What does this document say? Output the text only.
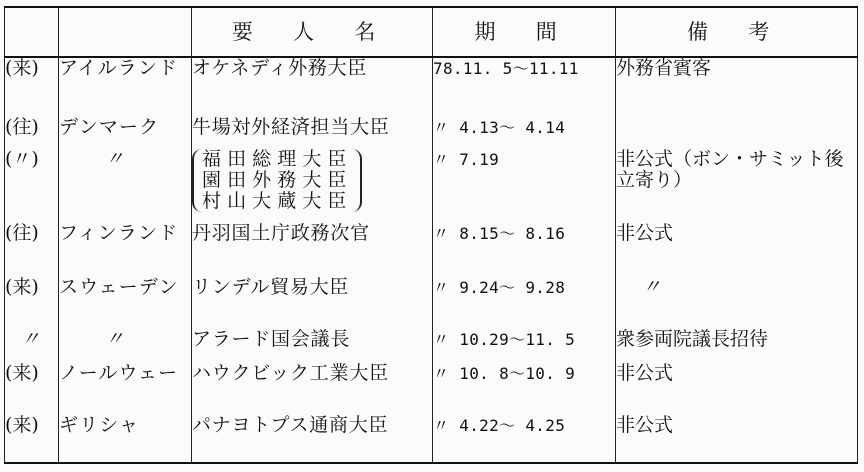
		要 人 名	期 間	備 考
(来)	アイルランド	オケネディ外務大臣	78.11. 5〜11.11	外務省賓客
(往)	デンマーク	牛場対外経済担当大臣	〃 4.13〜 4.14	
(〃)	〃	福田総理大臣
園田外務大臣
村山大蔵大臣	〃 7.19	非公式（ボン・サミット後立寄り）
(往)	フィンランド	丹羽国土庁政務次官	〃 8.15〜 8.16	非公式
(来)	スウェーデン	リンデル貿易大臣	〃 9.24〜 9.28	〃
〃	〃	アラード国会議長	〃 10.29〜11. 5	衆参両院議長招待
(来)	ノールウェー	ハウクビック工業大臣	〃 10. 8〜10. 9	非公式
(来)	ギリシャ	パナヨトプス通商大臣	〃 4.22〜 4.25	非公式
